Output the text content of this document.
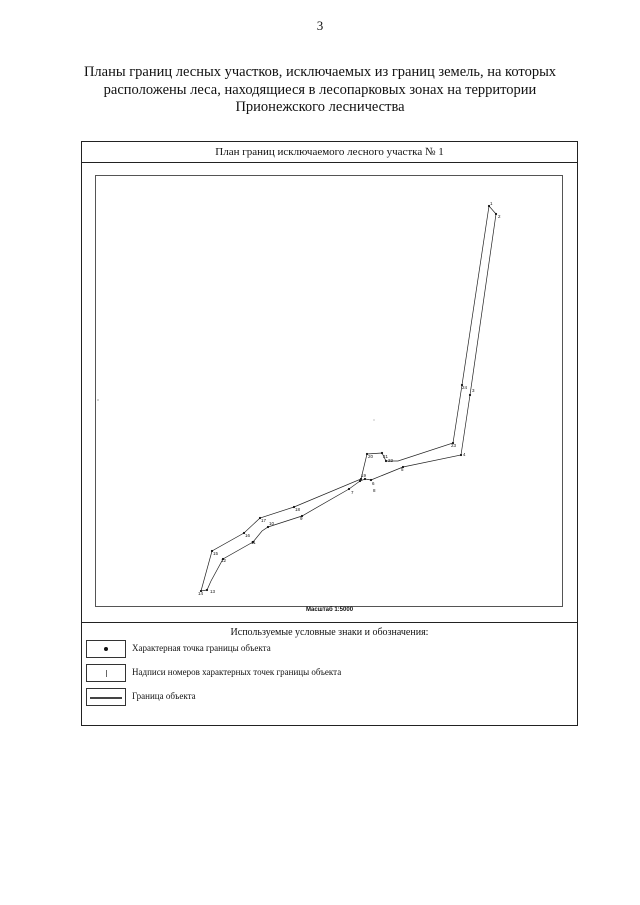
3
Планы границ лесных участков, исключаемых из границ земель, на которых
расположены леса, находящиеся в лесопарковых зонах на территории
Прионежского лесничества
План границ исключаемого лесного участка № 1
1
2
3
4
5
6
7	8
9
10
11
12
13
14
15
16
17
18
19
20 21
22
23
24
Масштаб 1:5000
Используемые условные знаки и обозначения:
Характерная точка границы объекта
Надписи номеров характерных точек границы объекта
Граница объекта
